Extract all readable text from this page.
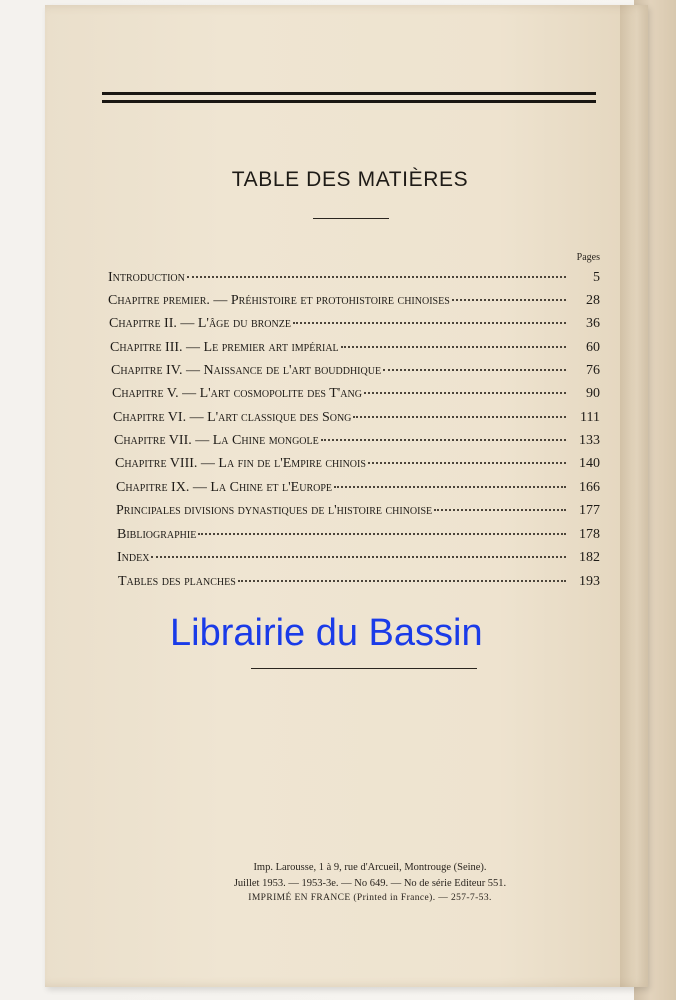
TABLE DES MATIÈRES
Pages
Introduction	5
Chapitre premier. — Préhistoire et protohistoire chinoises	28
Chapitre II. — L'âge du bronze	36
Chapitre III. — Le premier art impérial	60
Chapitre IV. — Naissance de l'art bouddhique	76
Chapitre V. — L'art cosmopolite des T'ang	90
Chapitre VI. — L'art classique des Song	111
Chapitre VII. — La Chine mongole	133
Chapitre VIII. — La fin de l'Empire chinois	140
Chapitre IX. — La Chine et l'Europe	166
Principales divisions dynastiques de l'histoire chinoise	177
Bibliographie	178
Index	182
Tables des planches	193
Librairie du Bassin
Imp. Larousse, 1 à 9, rue d'Arcueil, Montrouge (Seine).
Juillet 1953. — 1953-3e. — No 649. — No de série Editeur 551.
IMPRIMÉ EN FRANCE (Printed in France). — 257-7-53.
